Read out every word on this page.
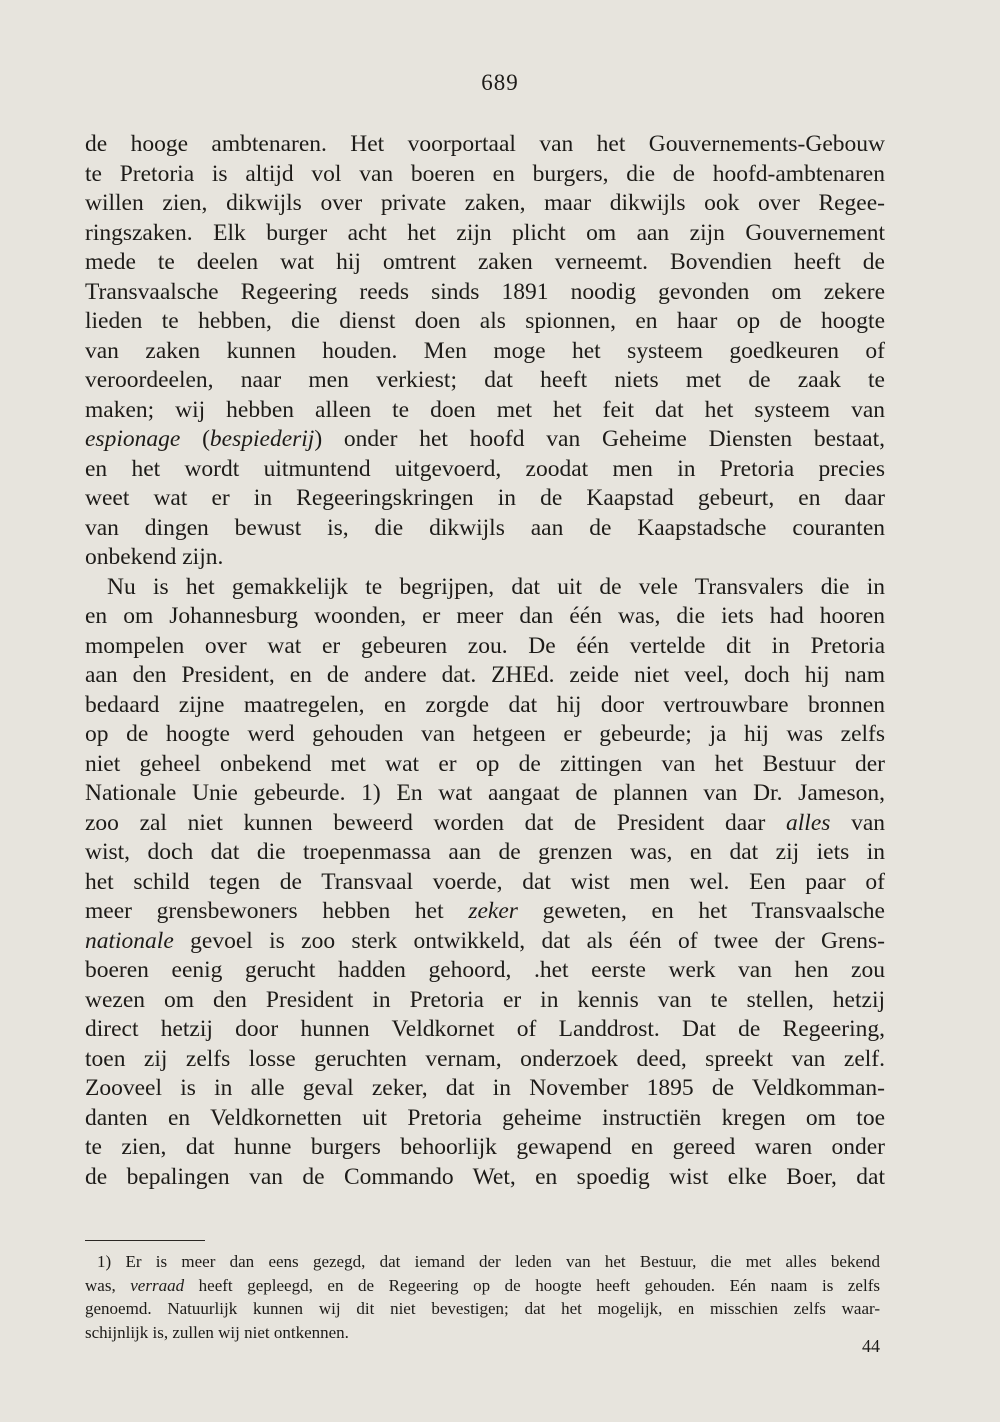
689
de hooge ambtenaren. Het voorportaal van het Gouvernements-Gebouw
te Pretoria is altijd vol van boeren en burgers, die de hoofd-ambtenaren
willen zien, dikwijls over private zaken, maar dikwijls ook over Regee-
ringszaken. Elk burger acht het zijn plicht om aan zijn Gouvernement
mede te deelen wat hij omtrent zaken verneemt. Bovendien heeft de
Transvaalsche Regeering reeds sinds 1891 noodig gevonden om zekere
lieden te hebben, die dienst doen als spionnen, en haar op de hoogte
van zaken kunnen houden. Men moge het systeem goedkeuren of
veroordeelen, naar men verkiest; dat heeft niets met de zaak te
maken; wij hebben alleen te doen met het feit dat het systeem van
espionage (bespiederij) onder het hoofd van Geheime Diensten bestaat,
en het wordt uitmuntend uitgevoerd, zoodat men in Pretoria precies
weet wat er in Regeeringskringen in de Kaapstad gebeurt, en daar
van dingen bewust is, die dikwijls aan de Kaapstadsche couranten
onbekend zijn.
Nu is het gemakkelijk te begrijpen, dat uit de vele Transvalers die in
en om Johannesburg woonden, er meer dan één was, die iets had hooren
mompelen over wat er gebeuren zou. De één vertelde dit in Pretoria
aan den President, en de andere dat. ZHEd. zeide niet veel, doch hij nam
bedaard zijne maatregelen, en zorgde dat hij door vertrouwbare bronnen
op de hoogte werd gehouden van hetgeen er gebeurde; ja hij was zelfs
niet geheel onbekend met wat er op de zittingen van het Bestuur der
Nationale Unie gebeurde. 1) En wat aangaat de plannen van Dr. Jameson,
zoo zal niet kunnen beweerd worden dat de President daar alles van
wist, doch dat die troepenmassa aan de grenzen was, en dat zij iets in
het schild tegen de Transvaal voerde, dat wist men wel. Een paar of
meer grensbewoners hebben het zeker geweten, en het Transvaalsche
nationale gevoel is zoo sterk ontwikkeld, dat als één of twee der Grens-
boeren eenig gerucht hadden gehoord, .het eerste werk van hen zou
wezen om den President in Pretoria er in kennis van te stellen, hetzij
direct hetzij door hunnen Veldkornet of Landdrost. Dat de Regeering,
toen zij zelfs losse geruchten vernam, onderzoek deed, spreekt van zelf.
Zooveel is in alle geval zeker, dat in November 1895 de Veldkomman-
danten en Veldkornetten uit Pretoria geheime instructiën kregen om toe
te zien, dat hunne burgers behoorlijk gewapend en gereed waren onder
de bepalingen van de Commando Wet, en spoedig wist elke Boer, dat
1) Er is meer dan eens gezegd, dat iemand der leden van het Bestuur, die met alles bekend
was, verraad heeft gepleegd, en de Regeering op de hoogte heeft gehouden. Eén naam is zelfs
genoemd. Natuurlijk kunnen wij dit niet bevestigen; dat het mogelijk, en misschien zelfs waar-
schijnlijk is, zullen wij niet ontkennen.
44
